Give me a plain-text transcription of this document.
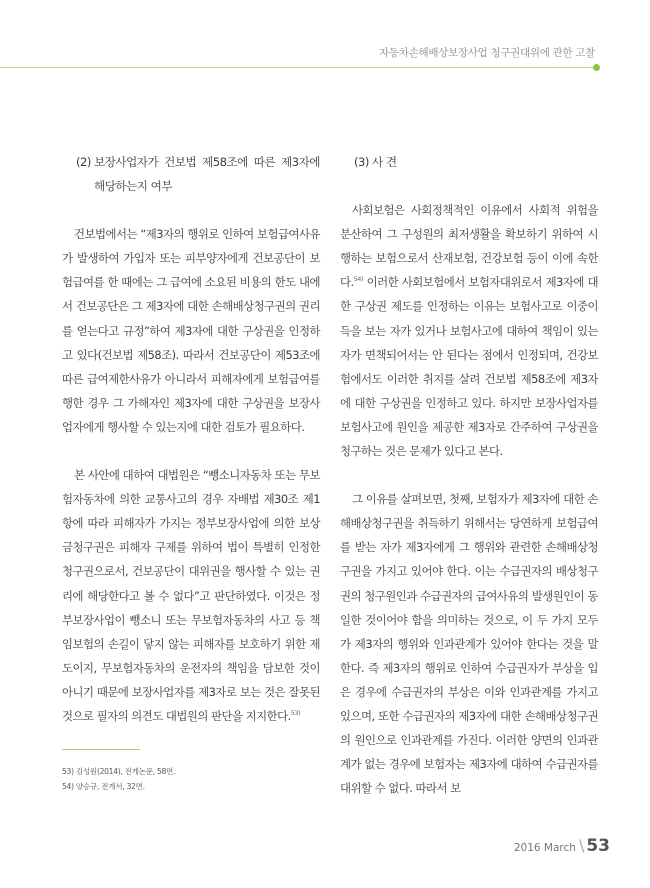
자동차손해배상보장사업 청구권대위에 관한 고찰
(2) 보장사업자가 건보법 제58조에 따른 제3자에 해당하는지 여부

건보법에서는 “제3자의 행위로 인하여 보험급여사유가 발생하여 가입자 또는 피부양자에게 건보공단이 보험급여를 한 때에는 그 급여에 소요된 비용의 한도 내에서 건보공단은 그 제3자에 대한 손해배상청구권의 권리를 얻는다고 규정”하여 제3자에 대한 구상권을 인정하고 있다(건보법 제58조). 따라서 건보공단이 제53조에 따른 급여제한사유가 아니라서 피해자에게 보험급여를 행한 경우 그 가해자인 제3자에 대한 구상권을 보장사업자에게 행사할 수 있는지에 대한 검토가 필요하다.

본 사안에 대하여 대법원은 “뺑소니자동차 또는 무보험자동차에 의한 교통사고의 경우 자배법 제30조 제1항에 따라 피해자가 가지는 정부보장사업에 의한 보상금청구권은 피해자 구제를 위하여 법이 특별히 인정한 청구권으로서, 건보공단이 대위권을 행사할 수 있는 권리에 해당한다고 볼 수 없다”고 판단하였다. 이것은 정부보장사업이 뺑소니 또는 무보험자동차의 사고 등 책임보험의 손길이 닿지 않는 피해자를 보호하기 위한 제도이지, 무보험자동차의 운전자의 책임을 담보한 것이 아니기 때문에 보장사업자를 제3자로 보는 것은 잘못된 것으로 필자의 의견도 대법원의 판단을 지지한다.$^{53)}$

(3) 사 견

사회보험은 사회정책적인 이유에서 사회적 위험을 분산하여 그 구성원의 최저생활을 확보하기 위하여 시행하는 보험으로서 산재보험, 건강보험 등이 이에 속한다.$^{54)}$ 이러한 사회보험에서 보험자대위로서 제3자에 대한 구상권 제도를 인정하는 이유는 보험사고로 이중이득을 보는 자가 있거나 보험사고에 대하여 책임이 있는 자가 면책되어서는 안 된다는 점에서 인정되며, 건강보험에서도 이러한 취지를 살려 건보법 제58조에 제3자에 대한 구상권을 인정하고 있다. 하지만 보장사업자를 보험사고에 원인을 제공한 제3자로 간주하여 구상권을 청구하는 것은 문제가 있다고 본다.

그 이유를 살펴보면, 첫째, 보험자가 제3자에 대한 손해배상청구권을 취득하기 위해서는 당연하게 보험급여를 받는 자가 제3자에게 그 행위와 관련한 손해배상청구권을 가지고 있어야 한다. 이는 수급권자의 배상청구권의 청구원인과 수급권자의 급여사유의 발생원인이 동일한 것이어야 함을 의미하는 것으로, 이 두 가지 모두가 제3자의 행위와 인과관계가 있어야 한다는 것을 말한다. 즉 제3자의 행위로 인하여 수급권자가 부상을 입은 경우에 수급권자의 부상은 이와 인과관계를 가지고 있으며, 또한 수급권자의 제3자에 대한 손해배상청구권의 원인으로 인과관계를 가진다. 이러한 양면의 인과관계가 없는 경우에 보험자는 제3자에 대하여 수급권자를 대위할 수 없다. 따라서 보

53) 김성원(2014), 전게논문, 58면.
54) 양승규, 전게서, 32면.
2016 March \ 53
